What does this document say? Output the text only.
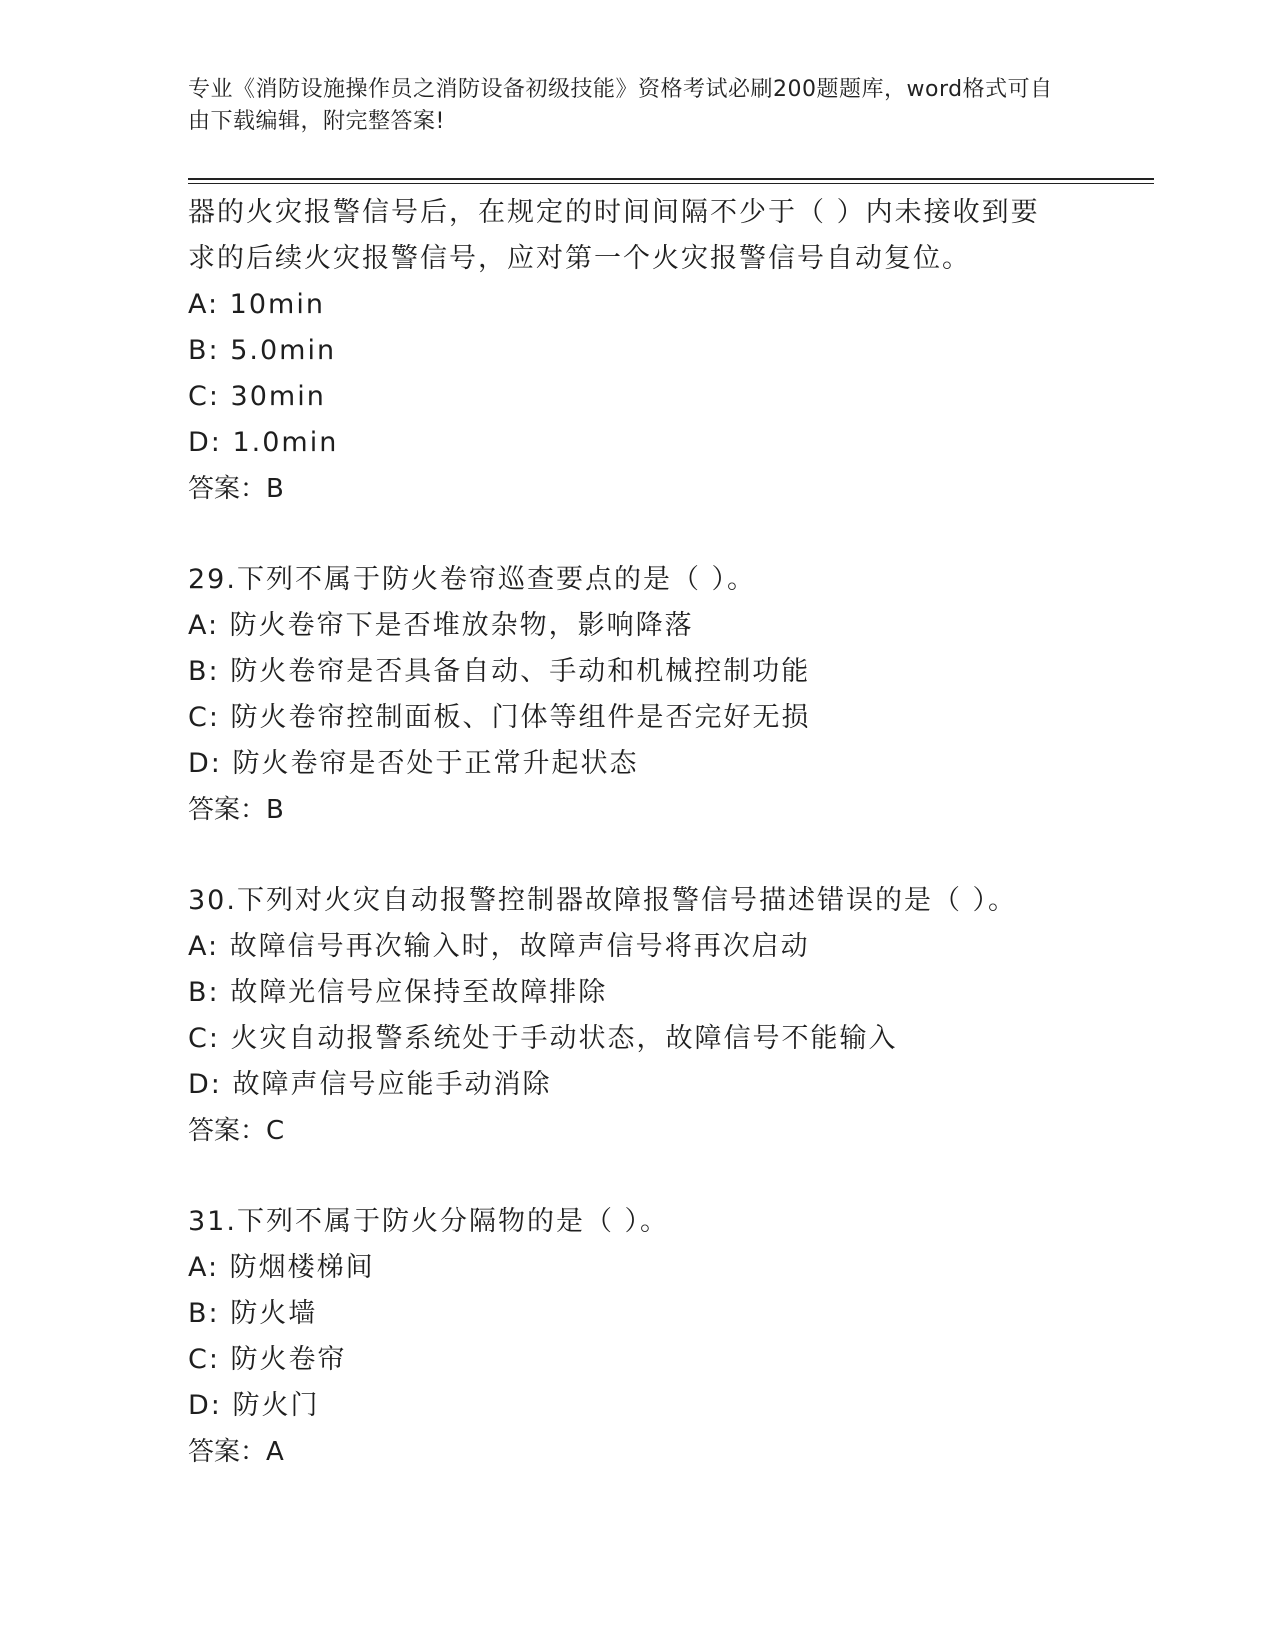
专业《消防设施操作员之消防设备初级技能》资格考试必刷200题题库，word格式可自由下载编辑，附完整答案!
器的火灾报警信号后，在规定的时间间隔不少于（ ）内未接收到要
求的后续火灾报警信号，应对第一个火灾报警信号自动复位。
A: 10min
B: 5.0min
C: 30min
D: 1.0min
答案：B
29.下列不属于防火卷帘巡查要点的是（ ）。
A: 防火卷帘下是否堆放杂物，影响降落
B: 防火卷帘是否具备自动、手动和机械控制功能
C: 防火卷帘控制面板、门体等组件是否完好无损
D: 防火卷帘是否处于正常升起状态
答案：B
30.下列对火灾自动报警控制器故障报警信号描述错误的是（ ）。
A: 故障信号再次输入时，故障声信号将再次启动
B: 故障光信号应保持至故障排除
C: 火灾自动报警系统处于手动状态，故障信号不能输入
D: 故障声信号应能手动消除
答案：C
31.下列不属于防火分隔物的是（ ）。
A: 防烟楼梯间
B: 防火墙
C: 防火卷帘
D: 防火门
答案：A
